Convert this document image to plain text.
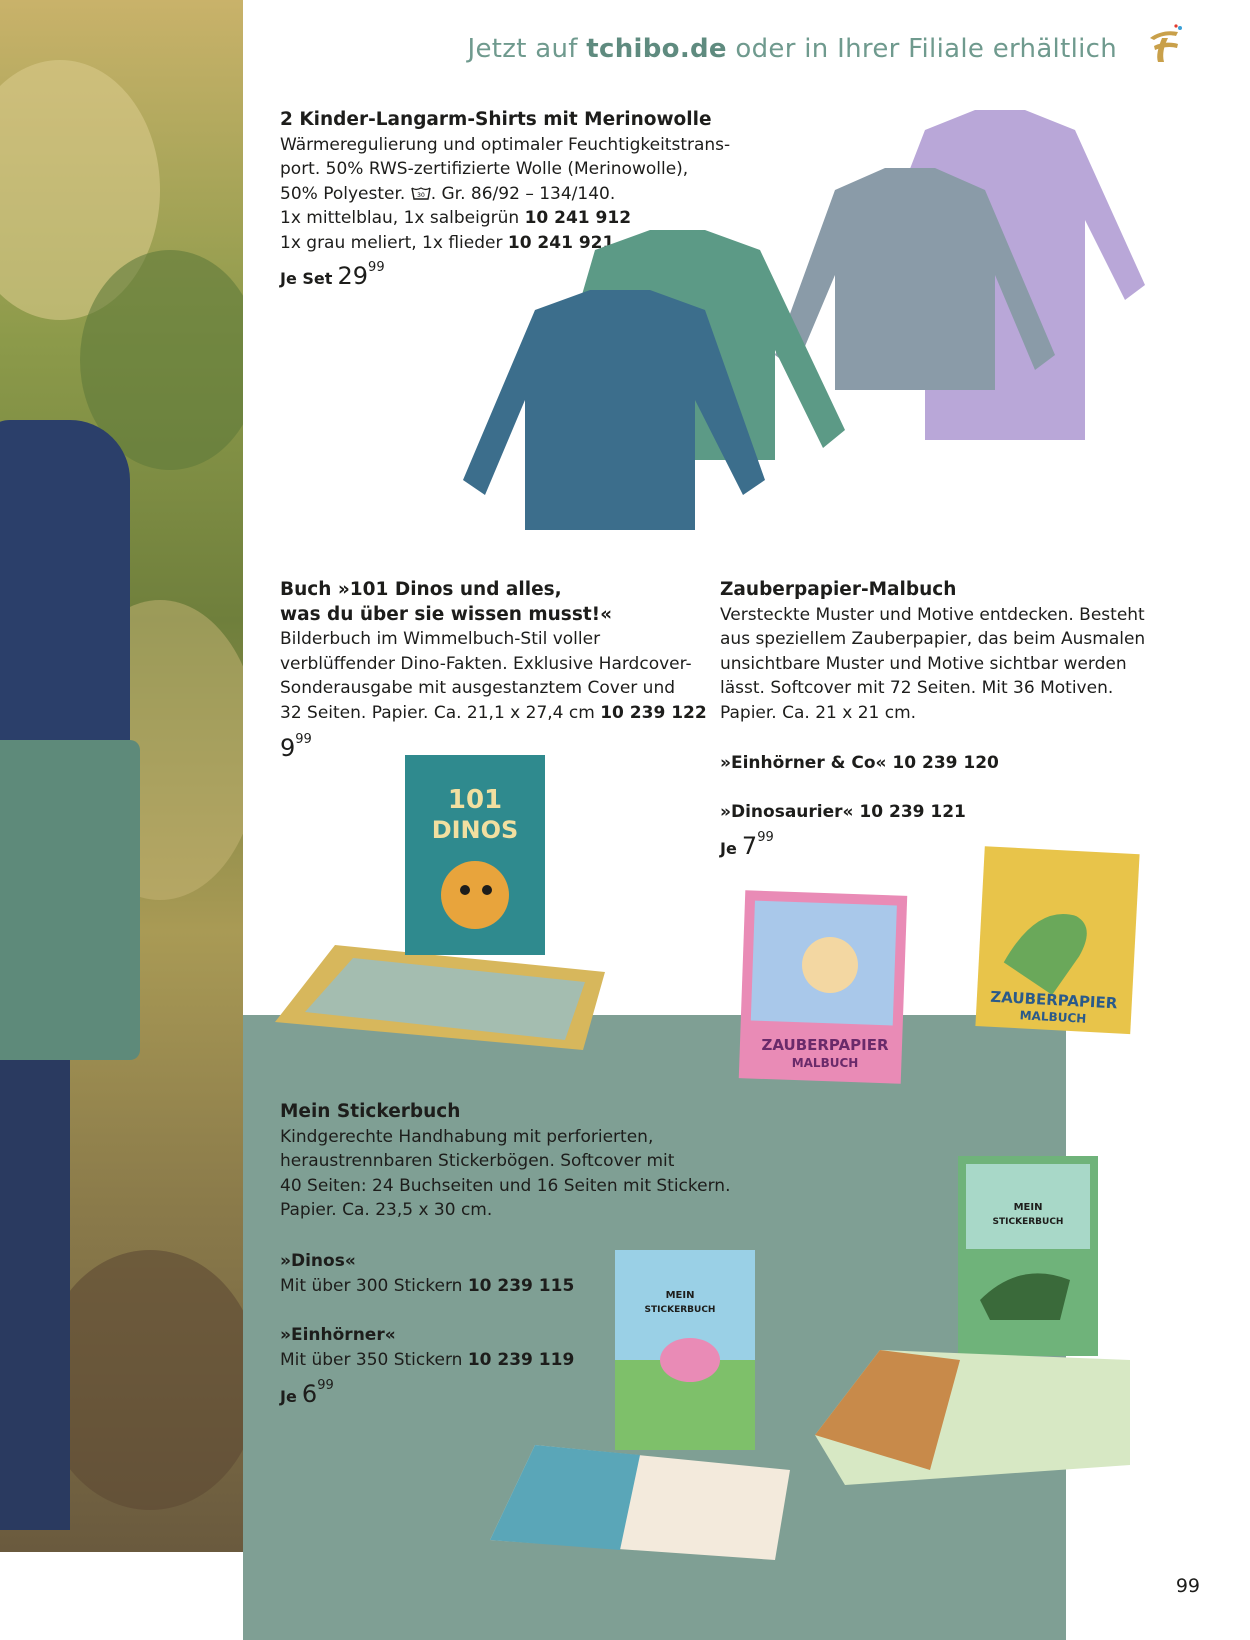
Jetzt auf tchibo.de oder in Ihrer Filiale erhältlich
2 Kinder-Langarm-Shirts mit Merinowolle
Wärmeregulierung und optimaler Feuchtigkeitstrans-
port. 50% RWS-zertifizierte Wolle (Merinowolle),
50% Polyester. 30 . Gr. 86/92 – 134/140.
1x mittelblau, 1x salbeigrün 10 241 912
1x grau meliert, 1x flieder 10 241 921
Je Set $29^{99}$
Buch »101 Dinos und alles,
was du über sie wissen musst!«
Bilderbuch im Wimmelbuch-Stil voller
verblüffender Dino-Fakten. Exklusive Hardcover-
Sonderausgabe mit ausgestanztem Cover und
32 Seiten. Papier. Ca. 21,1 x 27,4 cm 10 239 122
$9^{99}$
101
DINOS
Zauberpapier-Malbuch
Versteckte Muster und Motive entdecken. Besteht
aus speziellem Zauberpapier, das beim Ausmalen
unsichtbare Muster und Motive sichtbar werden
lässt. Softcover mit 72 Seiten. Mit 36 Motiven.
Papier. Ca. 21 x 21 cm.
»Einhörner & Co« 10 239 120
»Dinosaurier« 10 239 121
Je $7^{99}$
ZAUBERPAPIER
MALBUCH
ZAUBERPAPIER
MALBUCH
Mein Stickerbuch
Kindgerechte Handhabung mit perforierten,
heraustrennbaren Stickerbögen. Softcover mit
40 Seiten: 24 Buchseiten und 16 Seiten mit Stickern.
Papier. Ca. 23,5 x 30 cm.
»Dinos«
Mit über 300 Stickern 10 239 115
»Einhörner«
Mit über 350 Stickern 10 239 119
Je $6^{99}$
MEIN
STICKERBUCH
MEIN
STICKERBUCH
99
